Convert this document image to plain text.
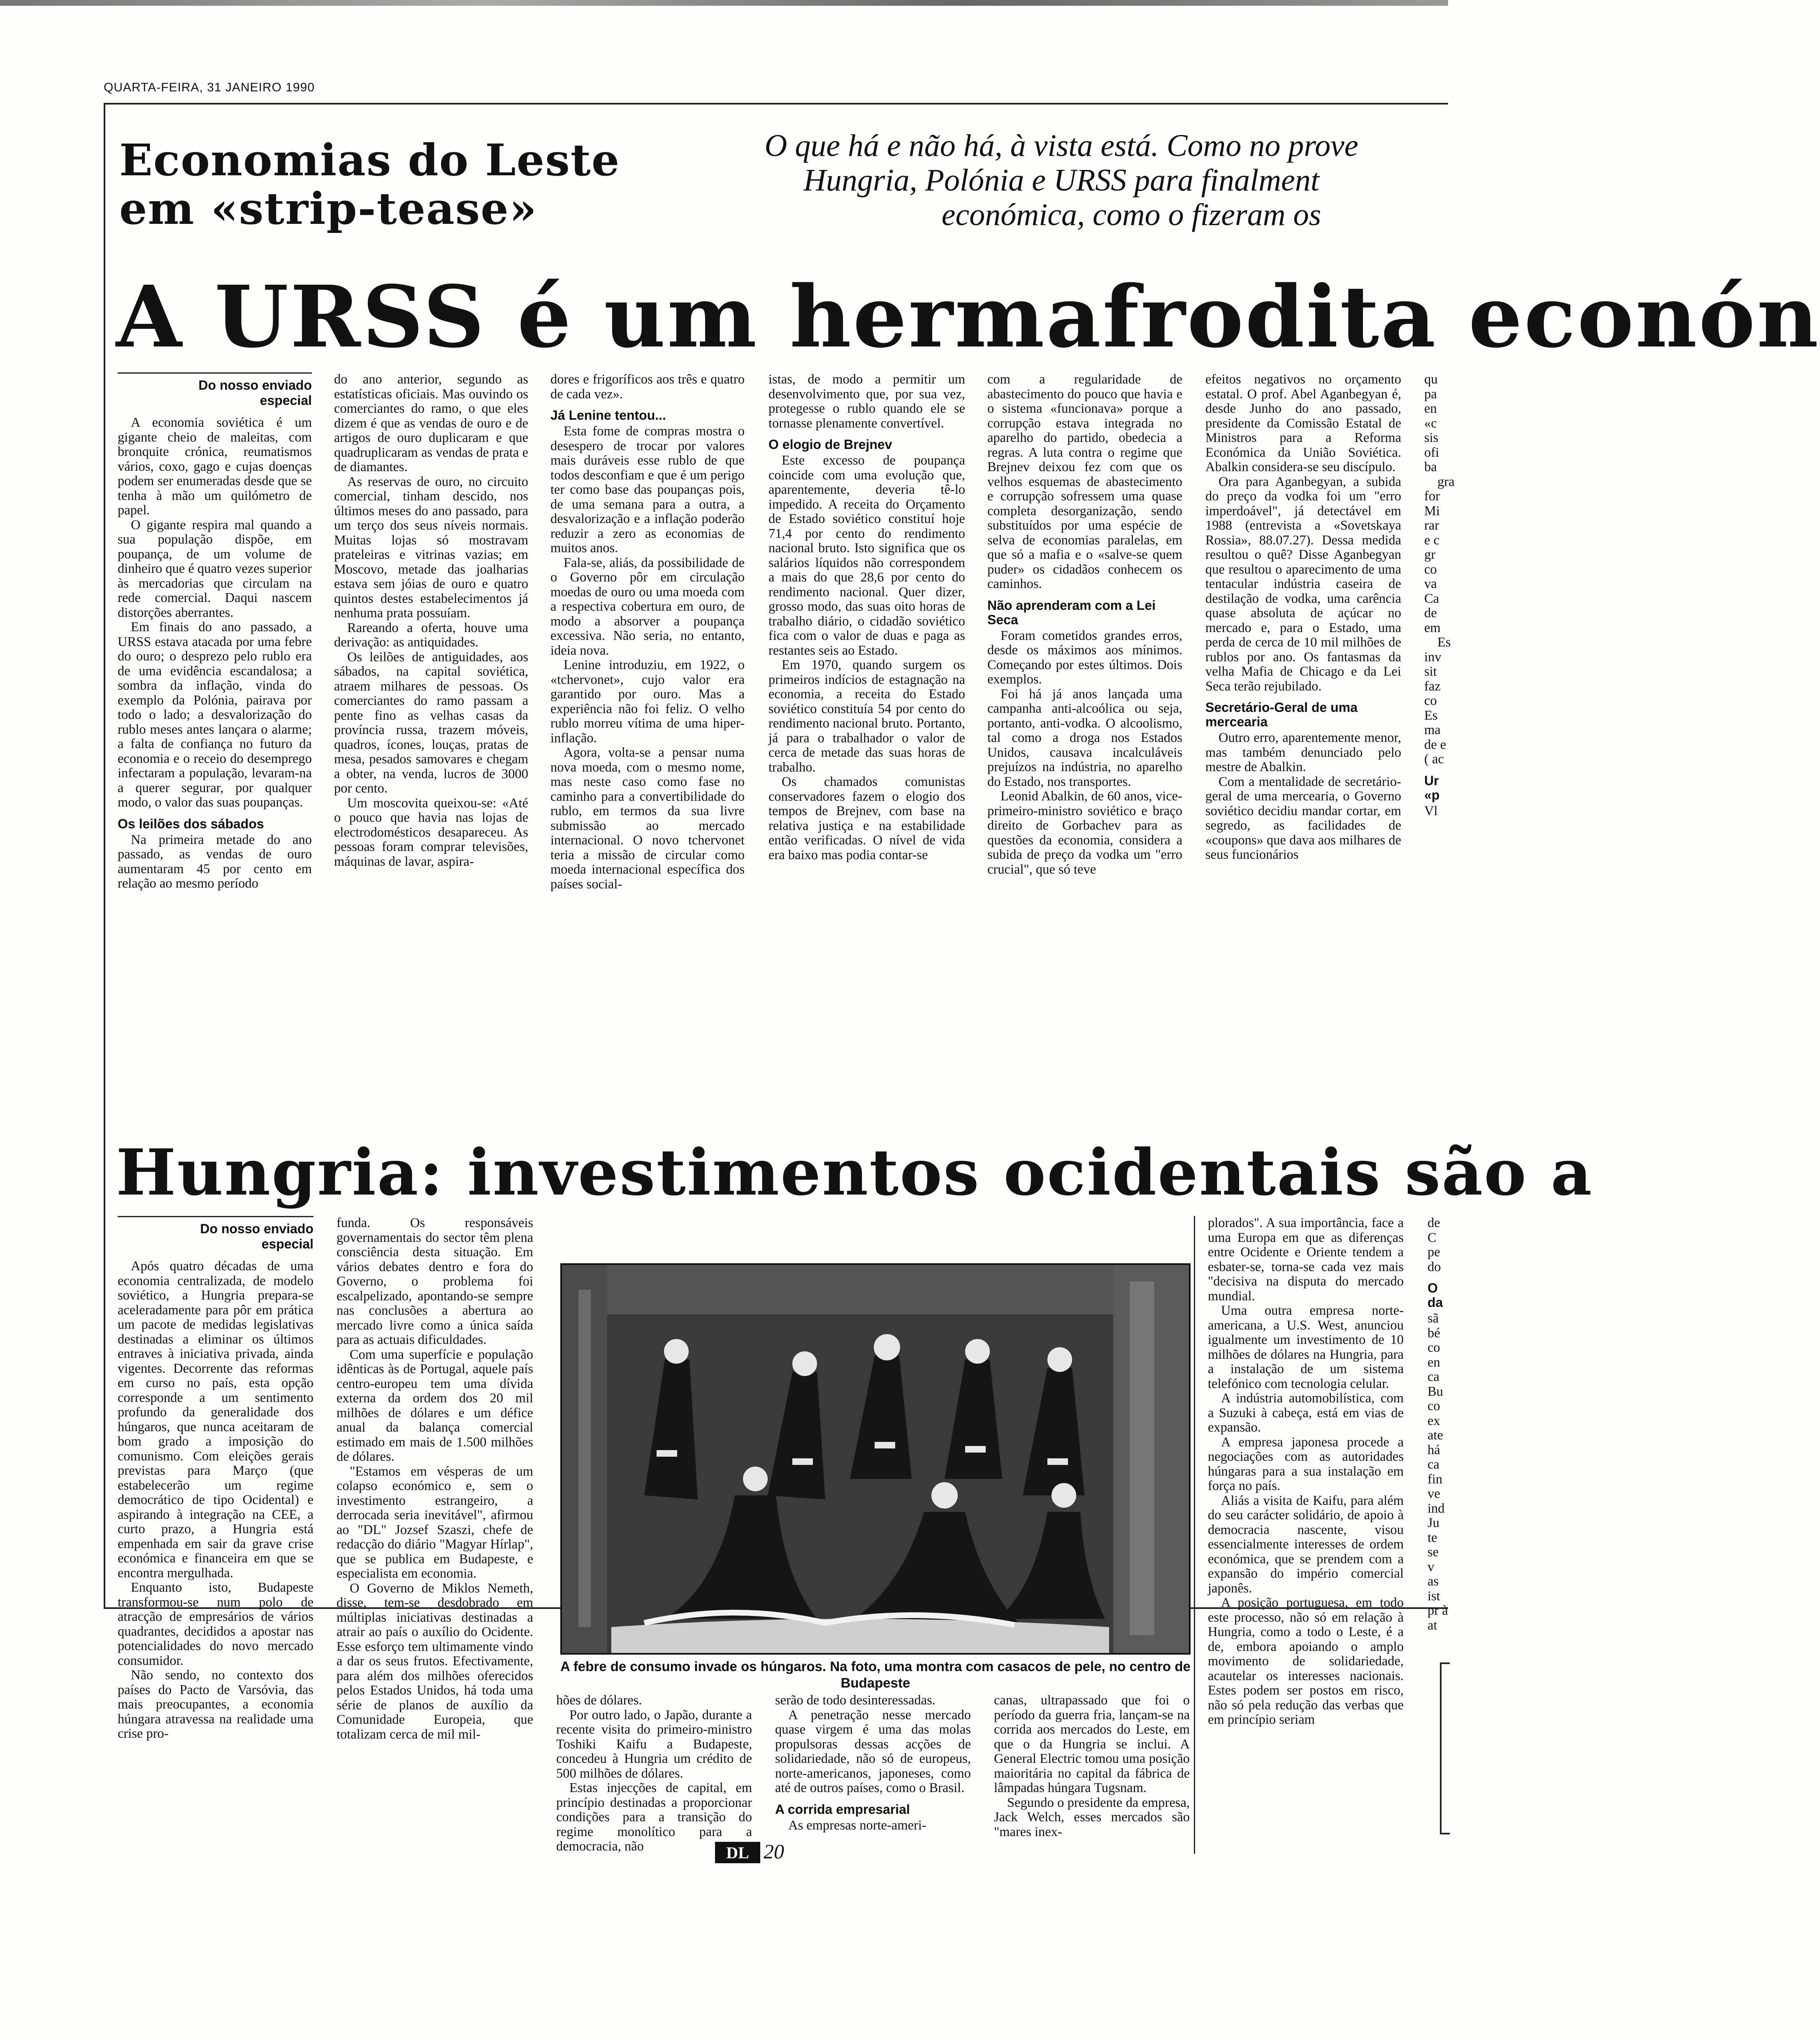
QUARTA-FEIRA, 31 JANEIRO 1990
Economias do Leste
em «strip-tease»
O que há e não há, à vista está. Como no prove
Hungria, Polónia e URSS para finalment
económica, como o fizeram os
A URSS é um hermafrodita econón
Do nosso enviado
especial

A economia soviética é um gigante cheio de maleitas, com bronquite crónica, reumatismos vários, coxo, gago e cujas doenças podem ser enumeradas desde que se tenha à mão um quilómetro de papel.

O gigante respira mal quando a sua população dispõe, em poupança, de um volume de dinheiro que é quatro vezes superior às mercadorias que circulam na rede comercial. Daqui nascem distorções aberrantes.

Em finais do ano passado, a URSS estava atacada por uma febre do ouro; o desprezo pelo rublo era de uma evidência escandalosa; a sombra da inflação, vinda do exemplo da Polónia, pairava por todo o lado; a desvalorização do rublo meses antes lançara o alarme; a falta de confiança no futuro da economia e o receio do desemprego infectaram a população, levaram-na a querer segurar, por qualquer modo, o valor das suas poupanças.

Os leilões dos sábados

Na primeira metade do ano passado, as vendas de ouro aumentaram 45 por cento em relação ao mesmo período

do ano anterior, segundo as estatísticas oficiais. Mas ouvindo os comerciantes do ramo, o que eles dizem é que as vendas de ouro e de artigos de ouro duplicaram e que quadruplicaram as vendas de prata e de diamantes.

As reservas de ouro, no circuito comercial, tinham descido, nos últimos meses do ano passado, para um terço dos seus níveis normais. Muitas lojas só mostravam prateleiras e vitrinas vazias; em Moscovo, metade das joalharias estava sem jóias de ouro e quatro quintos destes estabelecimentos já nenhuma prata possuíam.

Rareando a oferta, houve uma derivação: as antiquidades.

Os leilões de antiguidades, aos sábados, na capital soviética, atraem milhares de pessoas. Os comerciantes do ramo passam a pente fino as velhas casas da província russa, trazem móveis, quadros, ícones, louças, pratas de mesa, pesados samovares e chegam a obter, na venda, lucros de 3000 por cento.

Um moscovita queixou-se: «Até o pouco que havia nas lojas de electrodomésticos desapareceu. As pessoas foram comprar televisões, máquinas de lavar, aspira-

dores e frigoríficos aos três e quatro de cada vez».

Já Lenine tentou...

Esta fome de compras mostra o desespero de trocar por valores mais duráveis esse rublo de que todos desconfiam e que é um perigo ter como base das poupanças pois, de uma semana para a outra, a desvalorização e a inflação poderão reduzir a zero as economias de muitos anos.

Fala-se, aliás, da possibilidade de o Governo pôr em circulação moedas de ouro ou uma moeda com a respectiva cobertura em ouro, de modo a absorver a poupança excessiva. Não seria, no entanto, ideia nova.

Lenine introduziu, em 1922, o «tchervonet», cujo valor era garantido por ouro. Mas a experiência não foi feliz. O velho rublo morreu vítima de uma hiper-inflação.

Agora, volta-se a pensar numa nova moeda, com o mesmo nome, mas neste caso como fase no caminho para a convertibilidade do rublo, em termos da sua livre submissão ao mercado internacional. O novo tchervonet teria a missão de circular como moeda internacional específica dos países social-

istas, de modo a permitir um desenvolvimento que, por sua vez, protegesse o rublo quando ele se tornasse plenamente convertível.

O elogio de Brejnev

Este excesso de poupança coincide com uma evolução que, aparentemente, deveria tê-lo impedido. A receita do Orçamento de Estado soviético constituí hoje 71,4 por cento do rendimento nacional bruto. Isto significa que os salários líquidos não correspondem a mais do que 28,6 por cento do rendimento nacional. Quer dizer, grosso modo, das suas oito horas de trabalho diário, o cidadão soviético fica com o valor de duas e paga as restantes seis ao Estado.

Em 1970, quando surgem os primeiros indícios de estagnação na economia, a receita do Estado soviético constituía 54 por cento do rendimento nacional bruto. Portanto, já para o trabalhador o valor de cerca de metade das suas horas de trabalho.

Os chamados comunistas conservadores fazem o elogio dos tempos de Brejnev, com base na relativa justiça e na estabilidade então verificadas. O nível de vida era baixo mas podia contar-se

com a regularidade de abastecimento do pouco que havia e o sistema «funcionava» porque a corrupção estava integrada no aparelho do partido, obedecia a regras. A luta contra o regime que Brejnev deixou fez com que os velhos esquemas de abastecimento e corrupção sofressem uma quase completa desorganização, sendo substituídos por uma espécie de selva de economias paralelas, em que só a mafia e o «salve-se quem puder» os cidadãos conhecem os caminhos.

Não aprenderam com a Lei Seca

Foram cometidos grandes erros, desde os máximos aos mínimos. Começando por estes últimos. Dois exemplos.

Foi há já anos lançada uma campanha anti-alcoólica ou seja, portanto, anti-vodka. O alcoolismo, tal como a droga nos Estados Unidos, causava incalculáveis prejuízos na indústria, no aparelho do Estado, nos transportes.

Leonid Abalkin, de 60 anos, vice-primeiro-ministro soviético e braço direito de Gorbachev para as questões da economia, considera a subida de preço da vodka um "erro crucial", que só teve

efeitos negativos no orçamento estatal. O prof. Abel Aganbegyan é, desde Junho do ano passado, presidente da Comissão Estatal de Ministros para a Reforma Económica da União Soviética. Abalkin considera-se seu discípulo.

Ora para Aganbegyan, a subida do preço da vodka foi um "erro imperdoável", já detectável em 1988 (entrevista a «Sovetskaya Rossia», 88.07.27). Dessa medida resultou o quê? Disse Aganbegyan que resultou o aparecimento de uma tentacular indústria caseira de destilação de vodka, uma carência quase absoluta de açúcar no mercado e, para o Estado, uma perda de cerca de 10 mil milhões de rublos por ano. Os fantasmas da velha Mafia de Chicago e da Lei Seca terão rejubilado.

Secretário-Geral de uma mercearia

Outro erro, aparentemente menor, mas também denunciado pelo mestre de Abalkin.

Com a mentalidade de secretário-geral de uma mercearia, o Governo soviético decidiu mandar cortar, em segredo, as facilidades de «coupons» que dava aos milhares de seus funcionários

qu pa en «c sis ofi ba

gra for Mi rar e c gr co va Ca de em

Es inv sit faz co Es ma de e ( ac

Ur «p

Vl

Hungria: investimentos ocidentais são a
Do nosso enviado
especial

Após quatro décadas de uma economia centralizada, de modelo soviético, a Hungria prepara-se aceleradamente para pôr em prática um pacote de medidas legislativas destinadas a eliminar os últimos entraves à iniciativa privada, ainda vigentes. Decorrente das reformas em curso no país, esta opção corresponde a um sentimento profundo da generalidade dos húngaros, que nunca aceitaram de bom grado a imposição do comunismo. Com eleições gerais previstas para Março (que estabelecerão um regime democrático de tipo Ocidental) e aspirando à integração na CEE, a curto prazo, a Hungria está empenhada em sair da grave crise económica e financeira em que se encontra mergulhada.

Enquanto isto, Budapeste transformou-se num polo de atracção de empresários de vários quadrantes, decididos a apostar nas potencialidades do novo mercado consumidor.

Não sendo, no contexto dos países do Pacto de Varsóvia, das mais preocupantes, a economia húngara atravessa na realidade uma crise pro-

funda. Os responsáveis governamentais do sector têm plena consciência desta situação. Em vários debates dentro e fora do Governo, o problema foi escalpelizado, apontando-se sempre nas conclusões a abertura ao mercado livre como a única saída para as actuais dificuldades.

Com uma superfície e população idênticas às de Portugal, aquele país centro-europeu tem uma dívida externa da ordem dos 20 mil milhões de dólares e um défice anual da balança comercial estimado em mais de 1.500 milhões de dólares.

"Estamos em vésperas de um colapso económico e, sem o investimento estrangeiro, a derrocada seria inevitável", afirmou ao "DL" Jozsef Szaszi, chefe de redacção do diário "Magyar Hírlap", que se publica em Budapeste, e especialista em economia.

O Governo de Miklos Nemeth, disse, tem-se desdobrado em múltiplas iniciativas destinadas a atrair ao país o auxílio do Ocidente. Esse esforço tem ultimamente vindo a dar os seus frutos. Efectivamente, para além dos milhões oferecidos pelos Estados Unidos, há toda uma série de planos de auxílio da Comunidade Europeia, que totalizam cerca de mil mil-

A febre de consumo invade os húngaros. Na foto, uma montra com casacos de pele, no centro de Budapeste

hões de dólares.

Por outro lado, o Japão, durante a recente visita do primeiro-ministro Toshiki Kaifu a Budapeste, concedeu à Hungria um crédito de 500 milhões de dólares.

Estas injecções de capital, em princípio destinadas a proporcionar condições para a transição do regime monolítico para a democracia, não

serão de todo desinteressadas.

A penetração nesse mercado quase virgem é uma das molas propulsoras dessas acções de solidariedade, não só de europeus, norte-americanos, japoneses, como até de outros países, como o Brasil.

A corrida empresarial

As empresas norte-ameri-

canas, ultrapassado que foi o período da guerra fria, lançam-se na corrida aos mercados do Leste, em que o da Hungria se inclui. A General Electric tomou uma posição maioritária no capital da fábrica de lâmpadas húngara Tugsnam.

Segundo o presidente da empresa, Jack Welch, esses mercados são "mares inex-

plorados". A sua importância, face a uma Europa em que as diferenças entre Ocidente e Oriente tendem a esbater-se, torna-se cada vez mais "decisiva na disputa do mercado mundial.

Uma outra empresa norte-americana, a U.S. West, anunciou igualmente um investimento de 10 milhões de dólares na Hungria, para a instalação de um sistema telefónico com tecnologia celular.

A indústria automobilística, com a Suzuki à cabeça, está em vias de expansão.

A empresa japonesa procede a negociações com as autoridades húngaras para a sua instalação em força no país.

Aliás a visita de Kaifu, para além do seu carácter solidário, de apoio à democracia nascente, visou essencialmente interesses de ordem económica, que se prendem com a expansão do império comercial japonês.

A posição portuguesa, em todo este processo, não só em relação à Hungria, como a todo o Leste, é a de, embora apoiando o amplo movimento de solidariedade, acautelar os interesses nacionais. Estes podem ser postos em risco, não só pela redução das verbas que em princípio seriam

de C pe do

O da

sã bé co en ca Bu co ex ate há ca fin ve ind Ju te se v

as ist pr à

at

DL 20
